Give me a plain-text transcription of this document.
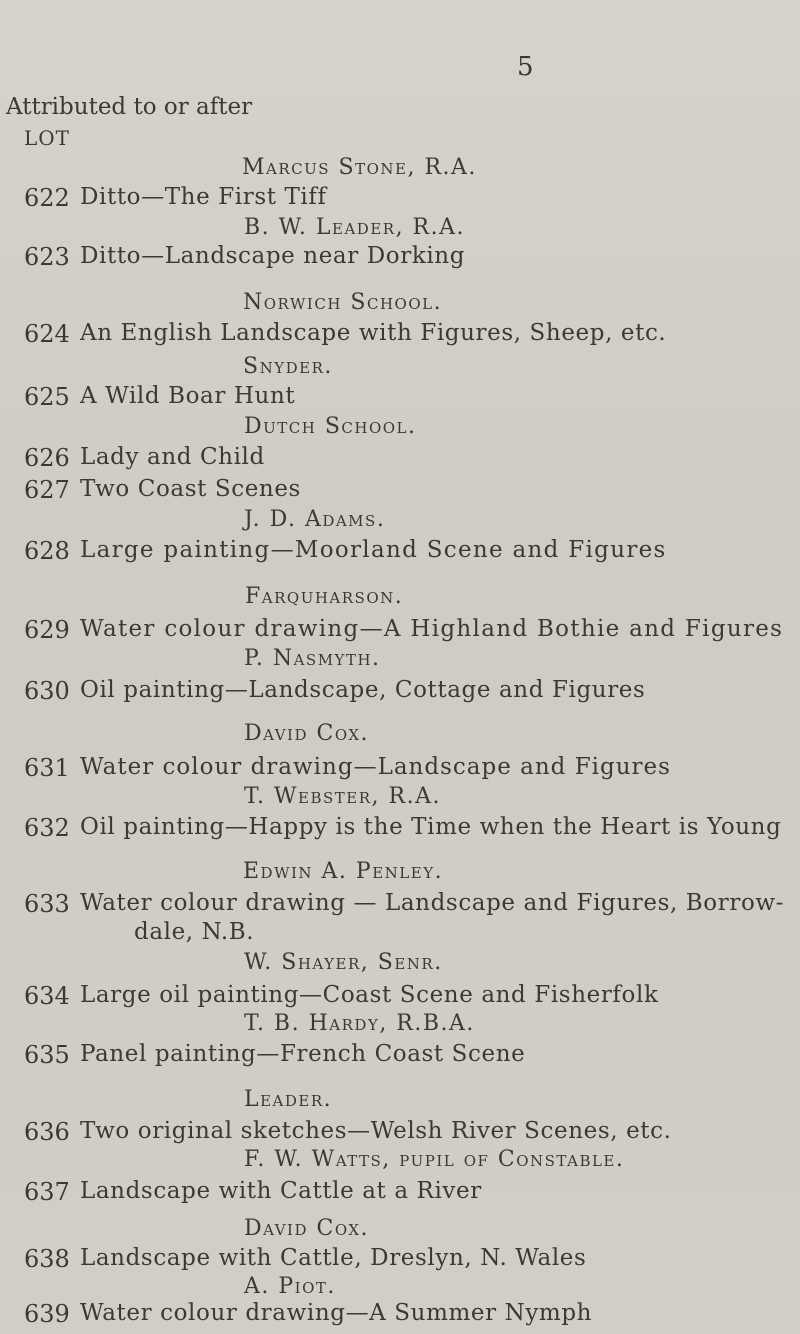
5
Attributed to or after
LOT
Marcus Stone, R.A.
622 Ditto—The First Tiff
B. W. Leader, R.A.
623 Ditto—Landscape near Dorking
Norwich School.
624 An English Landscape with Figures, Sheep, etc.
Snyder.
625 A Wild Boar Hunt
Dutch School.
626 Lady and Child
627 Two Coast Scenes
J. D. Adams.
628 Large painting—Moorland Scene and Figures
Farquharson.
629 Water colour drawing—A Highland Bothie and Figures
P. Nasmyth.
630 Oil painting—Landscape, Cottage and Figures
David Cox.
631 Water colour drawing—Landscape and Figures
T. Webster, R.A.
632 Oil painting—Happy is the Time when the Heart is Young
Edwin A. Penley.
633 Water colour drawing — Landscape and Figures, Borrow-
dale, N.B.
W. Shayer, Senr.
634 Large oil painting—Coast Scene and Fisherfolk
T. B. Hardy, R.B.A.
635 Panel painting—French Coast Scene
Leader.
636 Two original sketches—Welsh River Scenes, etc.
F. W. Watts, pupil of Constable.
637 Landscape with Cattle at a River
David Cox.
638 Landscape with Cattle, Dreslyn, N. Wales
A. Piot.
639 Water colour drawing—A Summer Nymph
